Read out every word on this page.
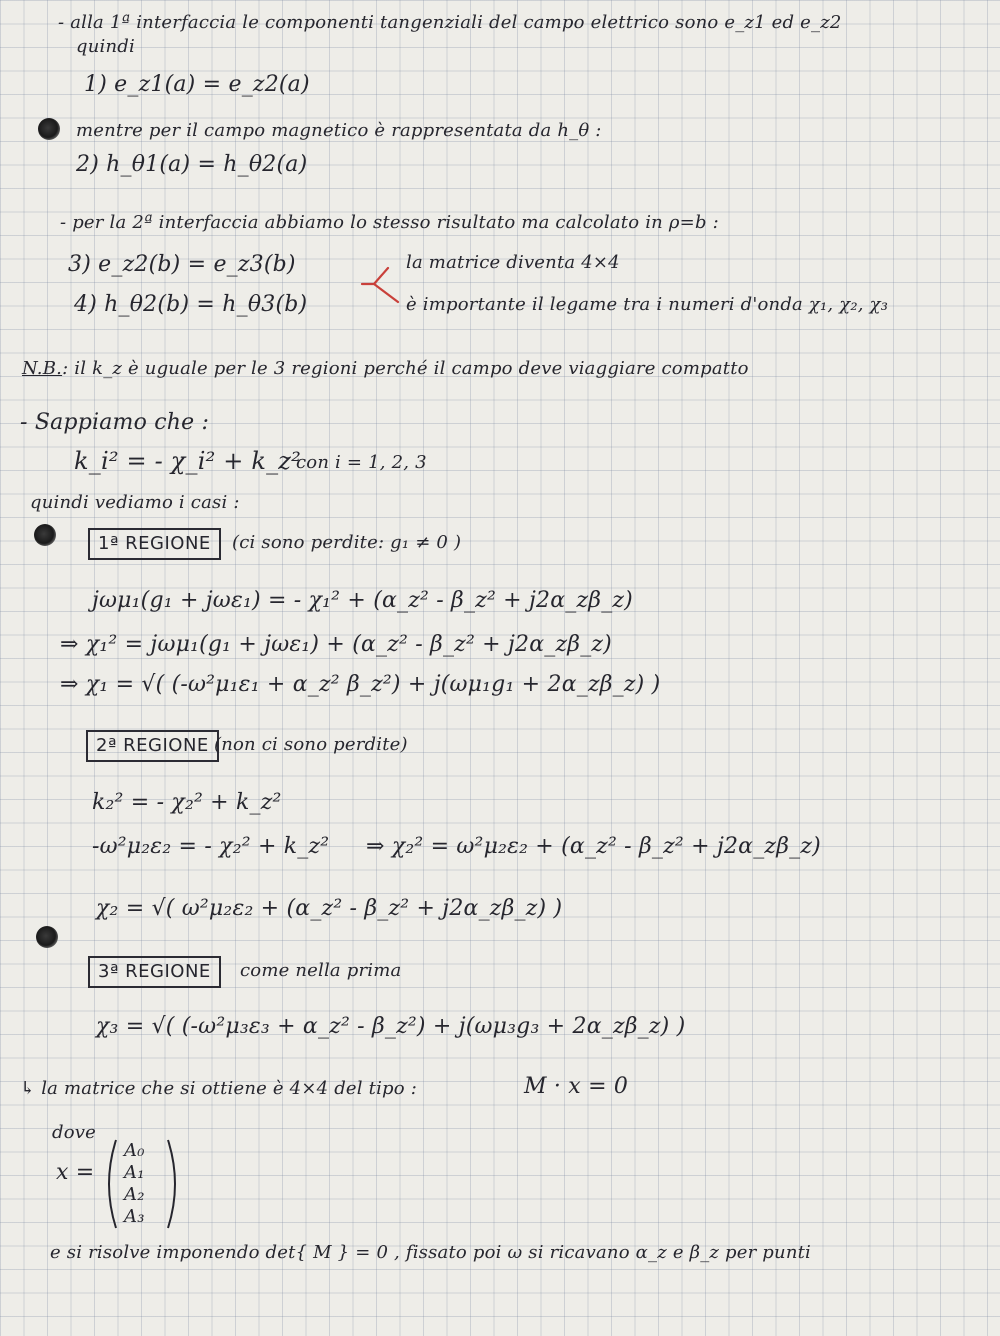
- alla 1ª interfaccia le componenti tangenziali del campo elettrico sono e_z1 ed e_z2
quindi
1) e_z1(a) = e_z2(a)
mentre per il campo magnetico è rappresentata da h_θ :
2) h_θ1(a) = h_θ2(a)
- per la 2ª interfaccia abbiamo lo stesso risultato ma calcolato in ρ=b :
3) e_z2(b) = e_z3(b)	la matrice diventa 4×4
4) h_θ2(b) = h_θ3(b)	è importante il legame tra i numeri d'onda χ₁, χ₂, χ₃
N.B.: il k_z è uguale per le 3 regioni perché il campo deve viaggiare compatto
- Sappiamo che :
k_i² = - χ_i² + k_z²
con i = 1, 2, 3
quindi vediamo i casi :
1ª REGIONE	(ci sono perdite: g₁ ≠ 0 )
jωμ₁(g₁ + jωε₁) = - χ₁² + (α_z² - β_z² + j2α_zβ_z)
⇒ χ₁² = jωμ₁(g₁ + jωε₁) + (α_z² - β_z² + j2α_zβ_z)
⇒ χ₁ = √( (-ω²μ₁ε₁ + α_z² β_z²) + j(ωμ₁g₁ + 2α_zβ_z) )
2ª REGIONE (non ci sono perdite)
k₂² = - χ₂² + k_z²
-ω²μ₂ε₂ = - χ₂² + k_z² ⇒ χ₂² = ω²μ₂ε₂ + (α_z² - β_z² + j2α_zβ_z)
χ₂ = √( ω²μ₂ε₂ + (α_z² - β_z² + j2α_zβ_z) )
3ª REGIONE	come nella prima
χ₃ = √( (-ω²μ₃ε₃ + α_z² - β_z²) + j(ωμ₃g₃ + 2α_zβ_z) )
↳ la matrice che si ottiene è 4×4 del tipo :	M · x = 0
dove
x =
A₀
A₁
A₂
A₃
e si risolve imponendo det{ M } = 0 , fissato poi ω si ricavano α_z e β_z per punti
